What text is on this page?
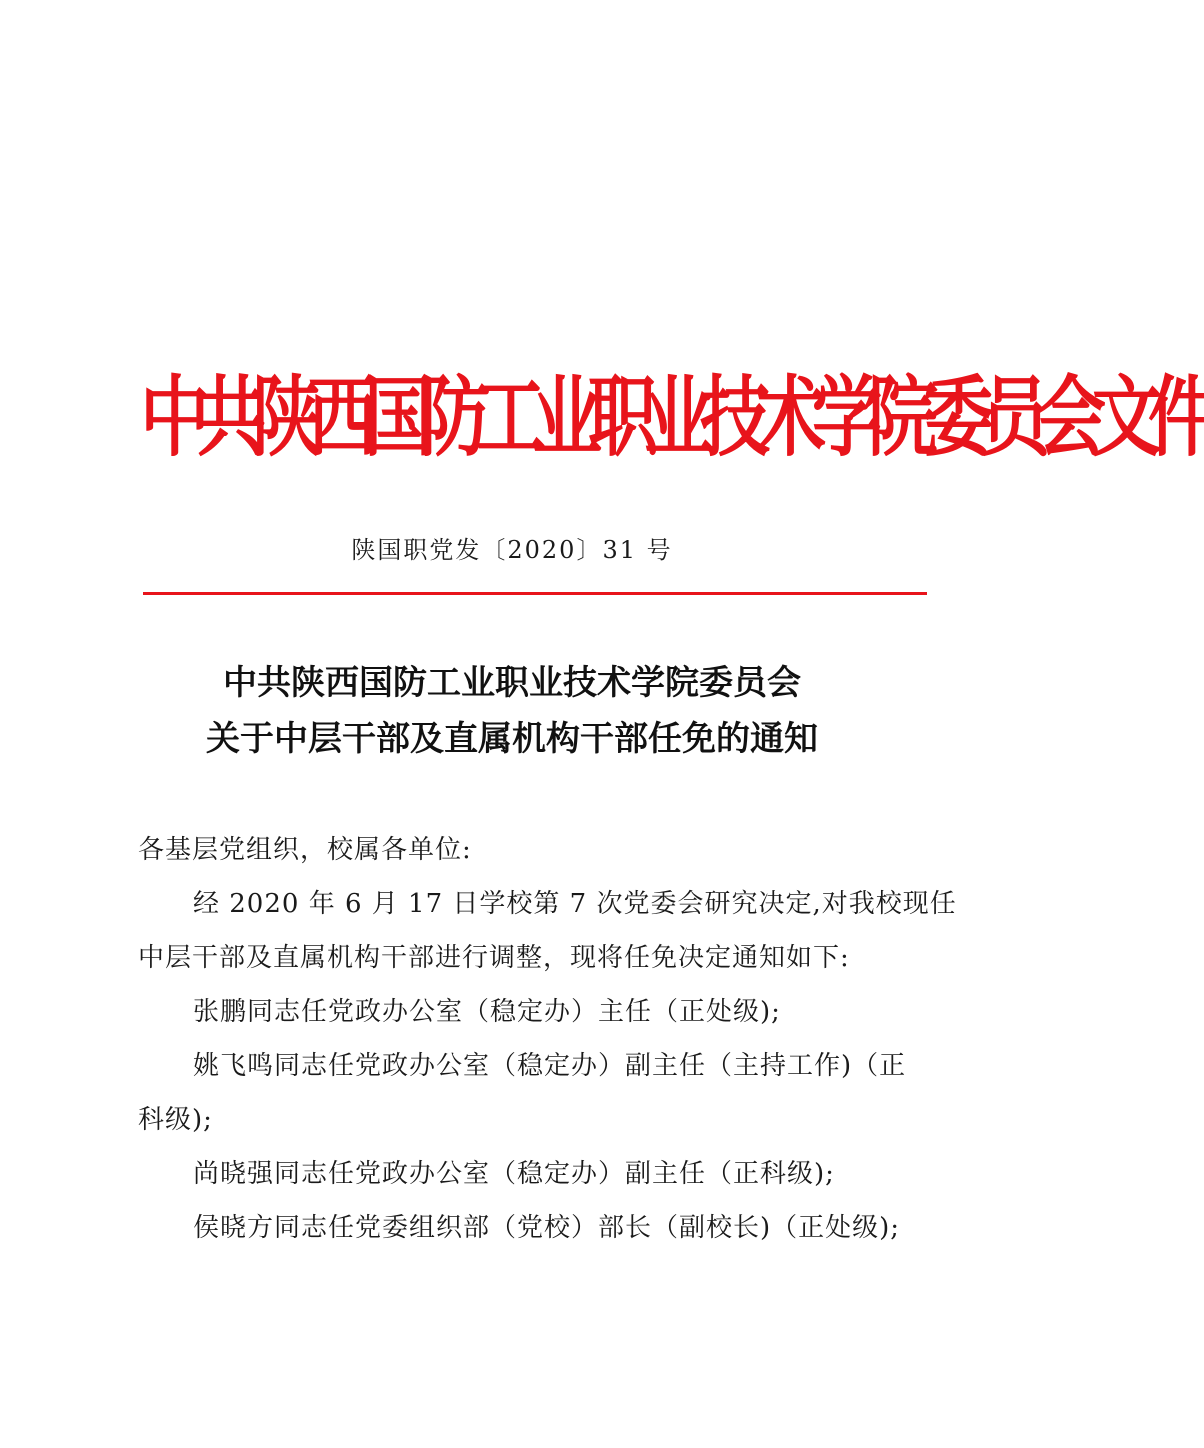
中共陕西国防工业职业技术学院委员会文件
陕国职党发〔2020〕31 号
中共陕西国防工业职业技术学院委员会
关于中层干部及直属机构干部任免的通知
各基层党组织，校属各单位:
经 2020 年 6 月 17 日学校第 7 次党委会研究决定,对我校现任
中层干部及直属机构干部进行调整，现将任免决定通知如下:
张鹏同志任党政办公室（稳定办）主任（正处级);
姚飞鸣同志任党政办公室（稳定办）副主任（主持工作)（正
科级);
尚晓强同志任党政办公室（稳定办）副主任（正科级);
侯晓方同志任党委组织部（党校）部长（副校长)（正处级);
